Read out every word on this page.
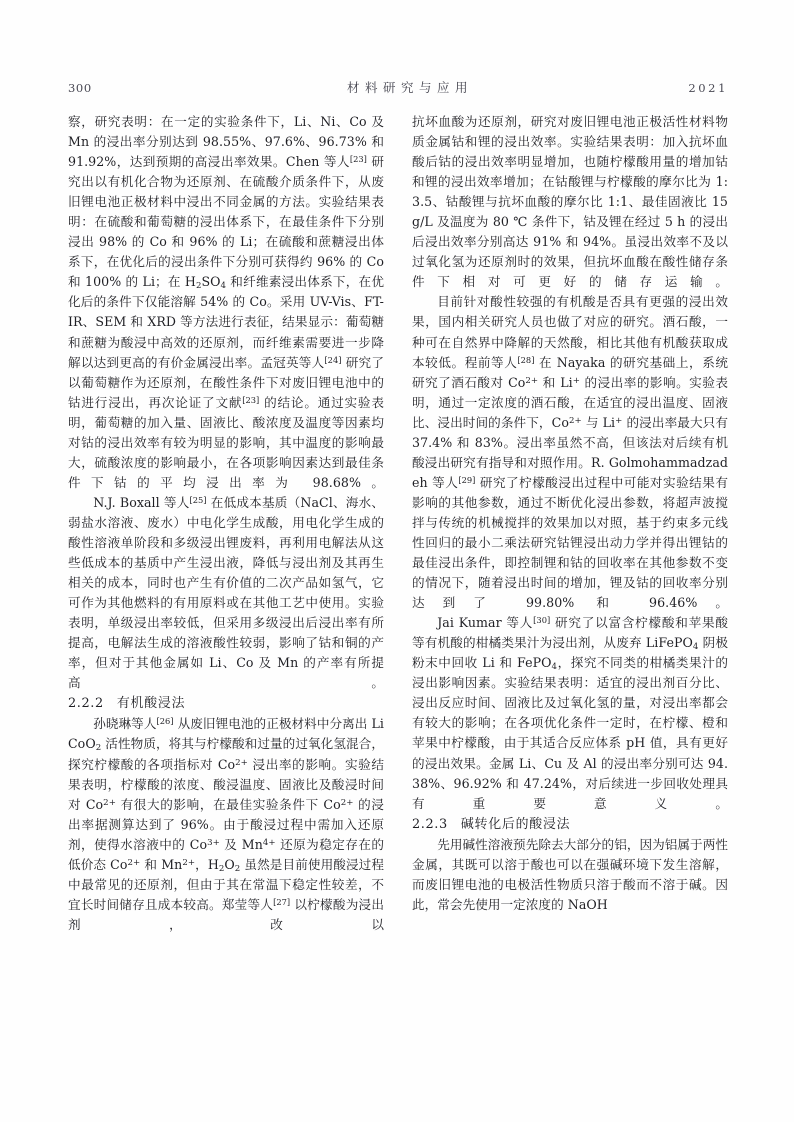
300	材料研究与应用	2021

察，研究表明：在一定的实验条件下，Li、Ni、Co 及 Mn 的浸出率分别达到 98.55%、97.6%、96.73% 和 91.92%，达到预期的高浸出率效果。Chen 等人[23] 研究出以有机化合物为还原剂、在硫酸介质条件下，从废旧锂电池正极材料中浸出不同金属的方法。实验结果表明：在硫酸和葡萄糖的浸出体系下，在最佳条件下分别浸出 98% 的 Co 和 96% 的 Li；在硫酸和蔗糖浸出体系下，在优化后的浸出条件下分别可获得约 96% 的 Co 和 100% 的 Li；在 $H_2SO_4$ 和纤维素浸出体系下，在优化后的条件下仅能溶解 54% 的 Co。采用 UV-Vis、FT-IR、SEM 和 XRD 等方法进行表征，结果显示：葡萄糖和蔗糖为酸浸中高效的还原剂，而纤维素需要进一步降解以达到更高的有价金属浸出率。孟冠英等人[24] 研究了以葡萄糖作为还原剂，在酸性条件下对废旧锂电池中的钴进行浸出，再次论证了文献[23] 的结论。通过实验表明，葡萄糖的加入量、固液比、酸浓度及温度等因素均对钴的浸出效率有较为明显的影响，其中温度的影响最大，硫酸浓度的影响最小，在各项影响因素达到最佳条件下钴的平均浸出率为 98.68%。

N.J. Boxall 等人[25] 在低成本基质（NaCl、海水、弱盐水溶液、废水）中电化学生成酸，用电化学生成的酸性溶液单阶段和多级浸出锂废料，再利用电解法从这些低成本的基质中产生浸出液，降低与浸出剂及其再生相关的成本，同时也产生有价值的二次产品如氢气，它可作为其他燃料的有用原料或在其他工艺中使用。实验表明，单级浸出率较低，但采用多级浸出后浸出率有所提高，电解法生成的溶液酸性较弱，影响了钴和铜的产率，但对于其他金属如 Li、Co 及 Mn 的产率有所提高。

2.2.2 有机酸浸法

孙晓琳等人[26] 从废旧锂电池的正极材料中分离出 LiCoO$_2$ 活性物质，将其与柠檬酸和过量的过氧化氢混合，探究柠檬酸的各项指标对 $Co^{2+}$ 浸出率的影响。实验结果表明，柠檬酸的浓度、酸浸温度、固液比及酸浸时间对 $Co^{2+}$ 有很大的影响，在最佳实验条件下 $Co^{2+}$ 的浸出率据测算达到了 96%。由于酸浸过程中需加入还原剂，使得水溶液中的 $Co^{3+}$ 及 $Mn^{4+}$ 还原为稳定存在的低价态 $Co^{2+}$ 和 $Mn^{2+}$，$H_2O_2$ 虽然是目前使用酸浸过程中最常见的还原剂，但由于其在常温下稳定性较差，不宜长时间储存且成本较高。郑莹等人[27] 以柠檬酸为浸出剂，改以

抗坏血酸为还原剂，研究对废旧锂电池正极活性材料物质金属钴和锂的浸出效率。实验结果表明：加入抗坏血酸后钴的浸出效率明显增加，也随柠檬酸用量的增加钴和锂的浸出效率增加；在钴酸锂与柠檬酸的摩尔比为 1:3.5、钴酸锂与抗坏血酸的摩尔比 1:1、最佳固液比 15 g/L 及温度为 80 ℃ 条件下，钴及锂在经过 5 h 的浸出后浸出效率分别高达 91% 和 94%。虽浸出效率不及以过氧化氢为还原剂时的效果，但抗坏血酸在酸性储存条件下相对可更好的储存运输。

目前针对酸性较强的有机酸是否具有更强的浸出效果，国内相关研究人员也做了对应的研究。酒石酸，一种可在自然界中降解的天然酸，相比其他有机酸获取成本较低。程前等人[28] 在 Nayaka 的研究基础上，系统研究了酒石酸对 $Co^{2+}$ 和 Li+ 的浸出率的影响。实验表明，通过一定浓度的酒石酸，在适宜的浸出温度、固液比、浸出时间的条件下，$Co^{2+}$ 与 Li+ 的浸出率最大只有 37.4% 和 83%。浸出率虽然不高，但该法对后续有机酸浸出研究有指导和对照作用。R. Golmohammadzadeh 等人[29] 研究了柠檬酸浸出过程中可能对实验结果有影响的其他参数，通过不断优化浸出参数，将超声波搅拌与传统的机械搅拌的效果加以对照，基于约束多元线性回归的最小二乘法研究钴锂浸出动力学并得出锂钴的最佳浸出条件，即控制锂和钴的回收率在其他参数不变的情况下，随着浸出时间的增加，锂及钴的回收率分别达到了 99.80% 和 96.46%。

Jai Kumar 等人[30] 研究了以富含柠檬酸和苹果酸等有机酸的柑橘类果汁为浸出剂，从废弃 LiFePO$_4$ 阴极粉末中回收 Li 和 FePO$_4$，探究不同类的柑橘类果汁的浸出影响因素。实验结果表明：适宜的浸出剂百分比、浸出反应时间、固液比及过氧化氢的量，对浸出率都会有较大的影响；在各项优化条件一定时，在柠檬、橙和苹果中柠檬酸，由于其适合反应体系 pH 值，具有更好的浸出效果。金属 Li、Cu 及 Al 的浸出率分别可达 94.38%、96.92% 和 47.24%，对后续进一步回收处理具有重要意义。

2.2.3 碱转化后的酸浸法

先用碱性溶液预先除去大部分的铝，因为铝属于两性金属，其既可以溶于酸也可以在强碱环境下发生溶解，而废旧锂电池的电极活性物质只溶于酸而不溶于碱。因此，常会先使用一定浓度的 NaOH
